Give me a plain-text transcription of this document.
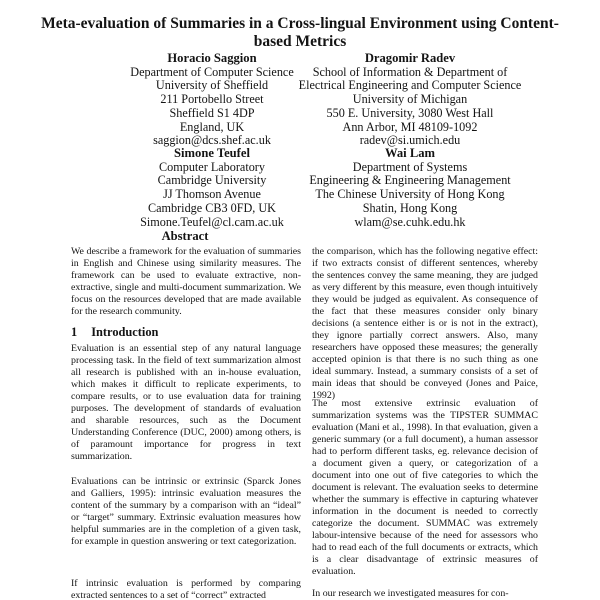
Meta-evaluation of Summaries in a Cross-lingual Environment using Content-based Metrics
Horacio Saggion
Department of Computer Science
University of Sheffield
211 Portobello Street
Sheffield S1 4DP
England, UK
saggion@dcs.shef.ac.uk
Dragomir Radev
School of Information & Department of
Electrical Engineering and Computer Science
University of Michigan
550 E. University, 3080 West Hall
Ann Arbor, MI 48109-1092
radev@si.umich.edu
Simone Teufel
Computer Laboratory
Cambridge University
JJ Thomson Avenue
Cambridge CB3 0FD, UK
Simone.Teufel@cl.cam.ac.uk
Wai Lam
Department of Systems
Engineering & Engineering Management
The Chinese University of Hong Kong
Shatin, Hong Kong
wlam@se.cuhk.edu.hk
Abstract

We describe a framework for the evaluation of summaries in English and Chinese using similarity measures. The framework can be used to evaluate extractive, non-extractive, single and multi-document summarization. We focus on the resources developed that are made available for the research community.

1 Introduction

Evaluation is an essential step of any natural language processing task. In the field of text summarization almost all research is published with an in-house evaluation, which makes it difficult to replicate experiments, to compare results, or to use evaluation data for training purposes. The development of standards of evaluation and sharable resources, such as the Document Understanding Conference (DUC, 2000) among others, is of paramount importance for progress in text summarization.

Evaluations can be intrinsic or extrinsic (Sparck Jones and Galliers, 1995): intrinsic evaluation measures the content of the summary by a comparison with an “ideal” or “target” summary. Extrinsic evaluation measures how helpful summaries are in the completion of a given task, for example in question answering or text categorization.

If intrinsic evaluation is performed by comparing extracted sentences to a set of “correct” extracted

the comparison, which has the following negative effect: if two extracts consist of different sentences, whereby the sentences convey the same meaning, they are judged as very different by this measure, even though intuitively they would be judged as equivalent. As consequence of the fact that these measures consider only binary decisions (a sentence either is or is not in the extract), they ignore partially correct answers. Also, many researchers have opposed these measures; the generally accepted opinion is that there is no such thing as one ideal summary. Instead, a summary consists of a set of main ideas that should be conveyed (Jones and Paice, 1992)

The most extensive extrinsic evaluation of summarization systems was the TIPSTER SUMMAC evaluation (Mani et al., 1998). In that evaluation, given a generic summary (or a full document), a human assessor had to perform different tasks, eg. relevance decision of a document given a query, or categorization of a document into one out of five categories to which the document is relevant. The evaluation seeks to determine whether the summary is effective in capturing whatever information in the document is needed to correctly categorize the document. SUMMAC was extremely labour-intensive because of the need for assessors who had to read each of the full documents or extracts, which is a clear disadvantage of extrinsic measures of evaluation.

In our research we investigated measures for con-
